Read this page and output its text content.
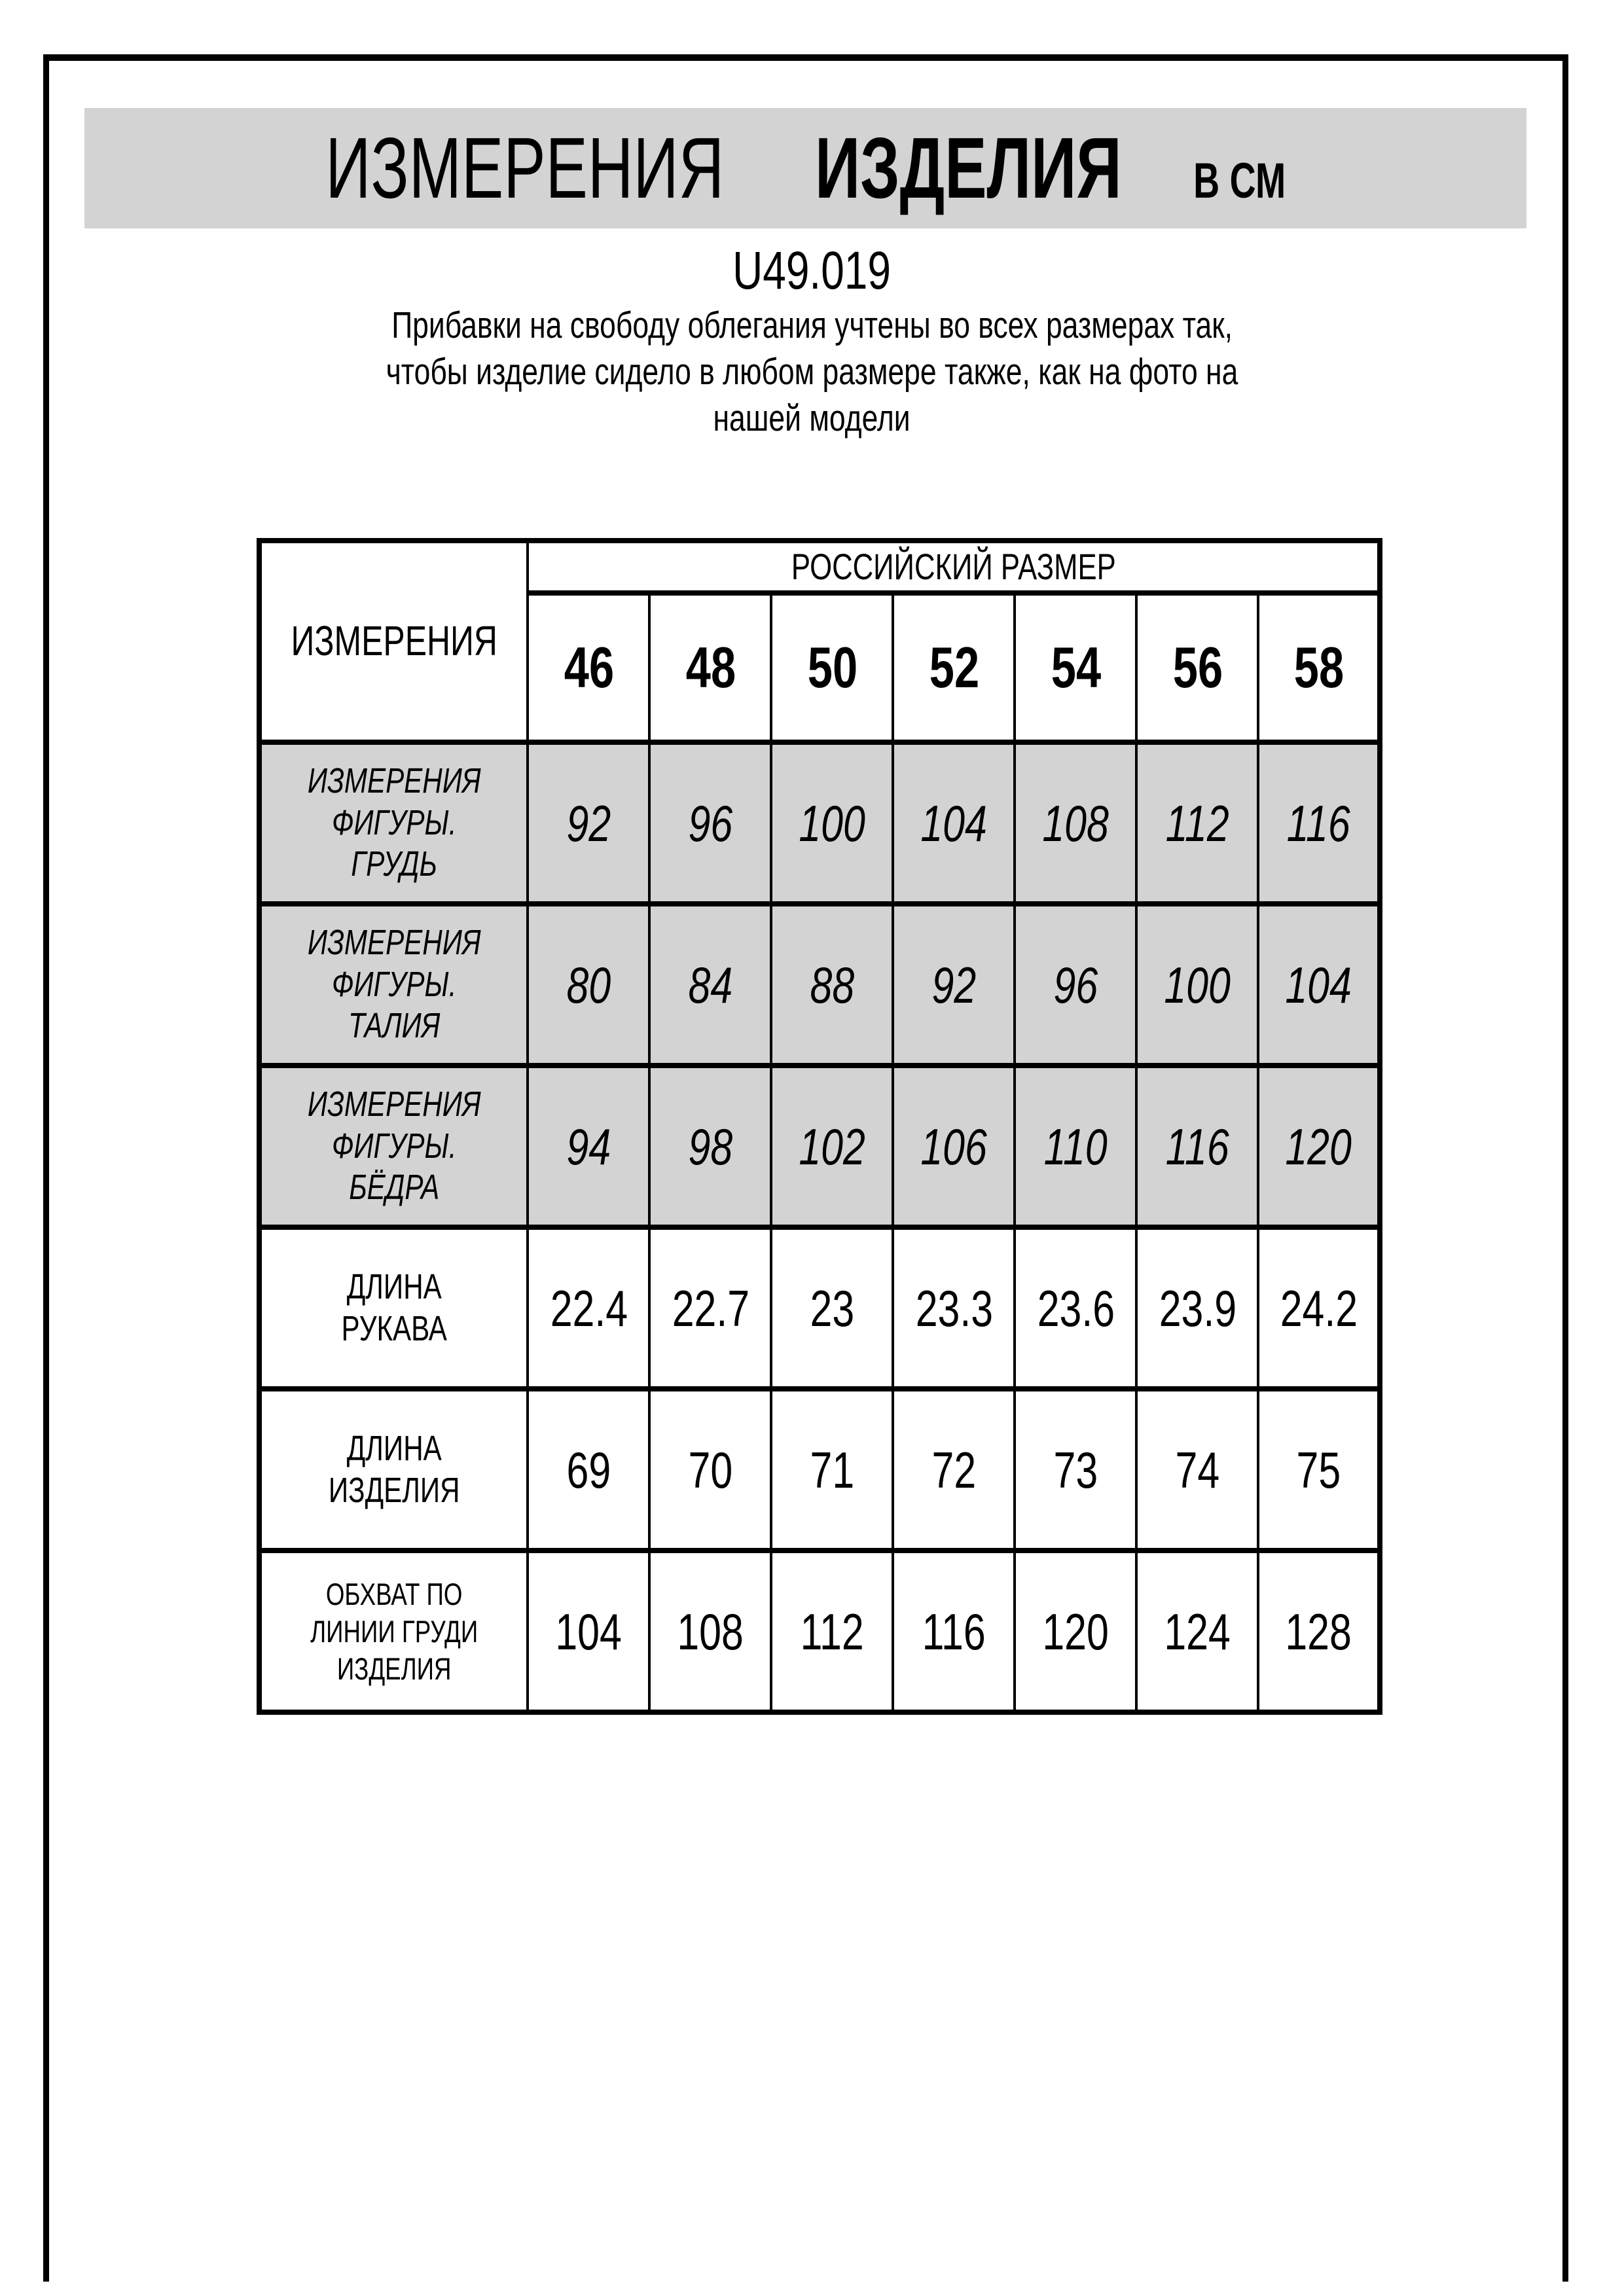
ИЗМЕРЕНИЯ ИЗДЕЛИЯ В СМ
U49.019
Прибавки на свободу облегания учтены во всех размерах так,
чтобы изделие сидело в любом размере также, как на фото на
нашей модели
ИЗМЕРЕНИЯ	РОССИЙСКИЙ РАЗМЕР						
	46	48	50	52	54	56	58

ИЗМЕРЕНИЯ
ФИГУРЫ. ГРУДЬ	92	96	100	104	108	112	116

ИЗМЕРЕНИЯ
ФИГУРЫ. ТАЛИЯ	80	84	88	92	96	100	104

ИЗМЕРЕНИЯ
ФИГУРЫ. БЁДРА	94	98	102	106	110	116	120

ДЛИНА РУКАВА	22.4	22.7	23	23.3	23.6	23.9	24.2

ДЛИНА ИЗДЕЛИЯ	69	70	71	72	73	74	75

ОБХВАТ ПО
ЛИНИИ ГРУДИ
ИЗДЕЛИЯ	104	108	112	116	120	124	128
